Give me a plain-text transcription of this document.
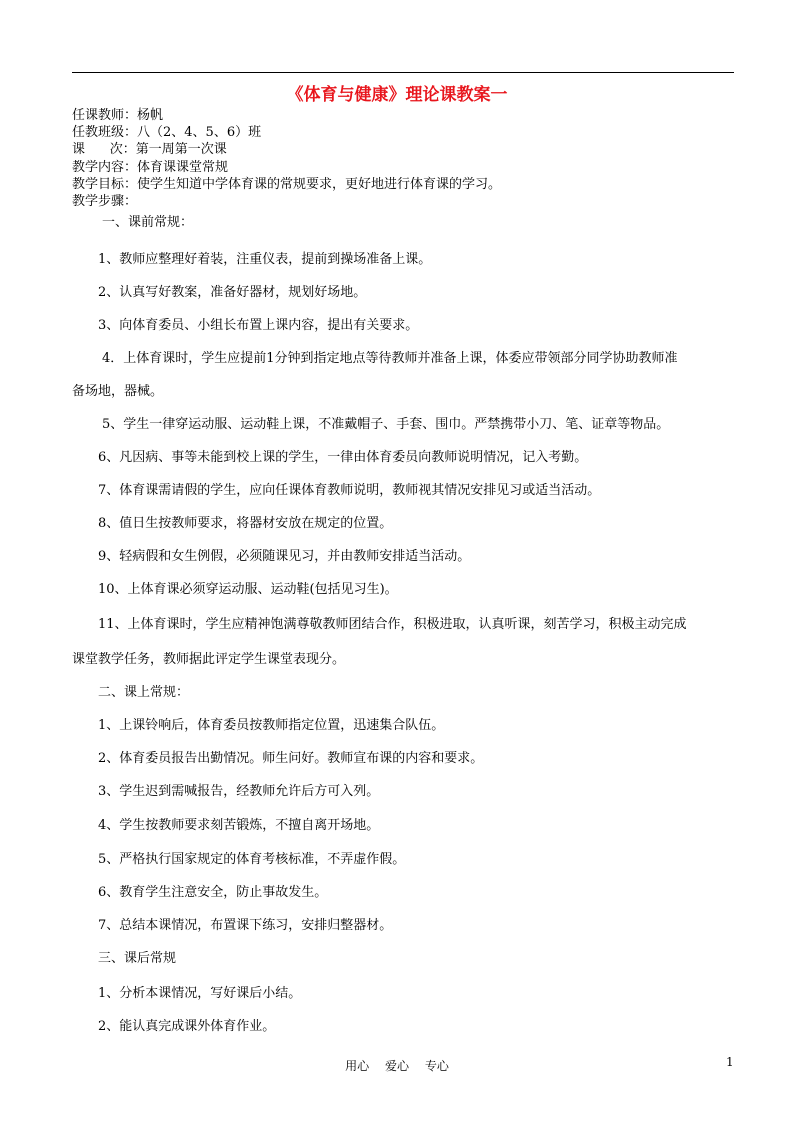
《体育与健康》理论课教案一
任课教师：杨帆
任教班级：八（2、4、5、6）班
课      次：第一周第一次课
教学内容：体育课课堂常规
教学目标：使学生知道中学体育课的常规要求，更好地进行体育课的学习。
教学步骤：
一、课前常规：
1、教师应整理好着装，注重仪表，提前到操场准备上课。
2、认真写好教案，准备好器材，规划好场地。
3、向体育委员、小组长布置上课内容，提出有关要求。
4．上体育课时，学生应提前1分钟到指定地点等待教师并准备上课，体委应带领部分同学协助教师准
备场地，器械。
5、学生一律穿运动服、运动鞋上课，不准戴帽子、手套、围巾。严禁携带小刀、笔、证章等物品。
6、凡因病、事等未能到校上课的学生，一律由体育委员向教师说明情况，记入考勤。
7、体育课需请假的学生，应向任课体育教师说明，教师视其情况安排见习或适当活动。
8、值日生按教师要求，将器材安放在规定的位置。
9、轻病假和女生例假，必须随课见习，并由教师安排适当活动。
10、上体育课必须穿运动服、运动鞋(包括见习生)。
11、上体育课时，学生应精神饱满尊敬教师团结合作，积极进取，认真听课，刻苦学习，积极主动完成
课堂教学任务，教师据此评定学生课堂表现分。
二、课上常规：
1、上课铃响后，体育委员按教师指定位置，迅速集合队伍。
2、体育委员报告出勤情况。师生问好。教师宣布课的内容和要求。
3、学生迟到需喊报告，经教师允许后方可入列。
4、学生按教师要求刻苦锻炼，不擅自离开场地。
5、严格执行国家规定的体育考核标准，不弄虚作假。
6、教育学生注意安全，防止事故发生。
7、总结本课情况，布置课下练习，安排归整器材。
三、课后常规
1、分析本课情况，写好课后小结。
2、能认真完成课外体育作业。
用心 爱心 专心	1
